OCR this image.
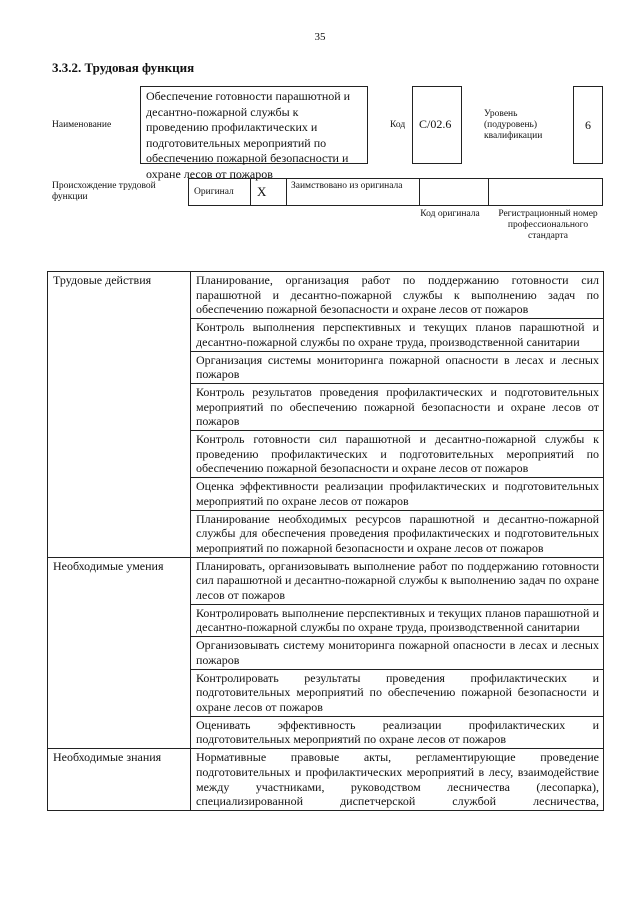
35
3.3.2. Трудовая функция
Наименование
Обеспечение готовности парашютной и десантно-пожарной службы к проведению профилактических и подготовительных мероприятий по обеспечению пожарной безопасности и охране лесов от пожаров
Код	C/02.6
Уровень (подуровень) квалификации
6
Происхождение трудовой функции	Оригинал X	Заимствовано из оригинала
Код оригинала	Регистрационный номер профессионального стандарта
Трудовые действия	Планирование, организация работ по поддержанию готовности сил парашютной и десантно-пожарной службы к выполнению задач по обеспечению пожарной безопасности и охране лесов от пожаров
	Контроль выполнения перспективных и текущих планов парашютной и десантно-пожарной службы по охране труда, производственной санитарии
	Организация системы мониторинга пожарной опасности в лесах и лесных пожаров
	Контроль результатов проведения профилактических и подготовительных мероприятий по обеспечению пожарной безопасности и охране лесов от пожаров
	Контроль готовности сил парашютной и десантно-пожарной службы к проведению профилактических и подготовительных мероприятий по обеспечению пожарной безопасности и охране лесов от пожаров
	Оценка эффективности реализации профилактических и подготовительных мероприятий по охране лесов от пожаров
	Планирование необходимых ресурсов парашютной и десантно-пожарной службы для обеспечения проведения профилактических и подготовительных мероприятий по пожарной безопасности и охране лесов от пожаров
Необходимые умения	Планировать, организовывать выполнение работ по поддержанию готовности сил парашютной и десантно-пожарной службы к выполнению задач по охране лесов от пожаров
	Контролировать выполнение перспективных и текущих планов парашютной и десантно-пожарной службы по охране труда, производственной санитарии
	Организовывать систему мониторинга пожарной опасности в лесах и лесных пожаров
	Контролировать результаты проведения профилактических и подготовительных мероприятий по обеспечению пожарной безопасности и охране лесов от пожаров
	Оценивать эффективность реализации профилактических и подготовительных мероприятий по охране лесов от пожаров
Необходимые знания	Нормативные правовые акты, регламентирующие проведение подготовительных и профилактических мероприятий в лесу, взаимодействие между участниками, руководством лесничества (лесопарка), специализированной диспетчерской службой лесничества,
